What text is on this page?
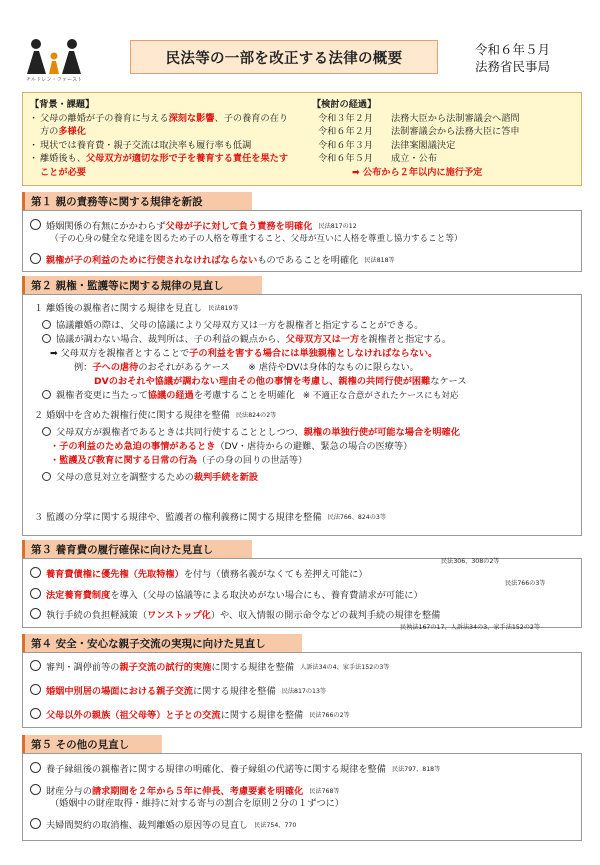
チルドレン・ファースト
民法等の一部を改正する法律の概要
令和６年５月
法務省民事局
【背景・課題】
・ 父母の離婚が子の養育に与える深刻な影響、子の養育の在り方の多様化
・ 現状では養育費・親子交流は取決率も履行率も低調
・ 離婚後も、父母双方が適切な形で子を養育する責任を果たすことが必要
【検討の経過】
令和３年２月	法務大臣から法制審議会へ諮問
令和６年２月	法制審議会から法務大臣に答申
令和６年３月	法律案閣議決定
令和６年５月	成立・公布
➡ 公布から２年以内に施行予定
第１ 親の責務等に関する規律を新設
婚姻関係の有無にかかわらず父母が子に対して負う責務を明確化 民法817の12
（子の心身の健全な発達を図るため子の人格を尊重すること、父母が互いに人格を尊重し協力すること等）
親権が子の利益のために行使されなければならないものであることを明確化 民法818等
第２ 親権・監護等に関する規律の見直し
１ 離婚後の親権者に関する規律を見直し 民法819等
協議離婚の際は、父母の協議により父母双方又は一方を親権者と指定することができる。
協議が調わない場合、裁判所は、子の利益の観点から、父母双方又は一方を親権者と指定する。
➡ 父母双方を親権者とすることで子の利益を害する場合には単独親権としなければならない。
例：子への虐待のおそれがあるケース　　※ 虐待やDVは身体的なものに限らない。
DVのおそれや協議が調わない理由その他の事情を考慮し、親権の共同行使が困難なケース
親権者変更に当たって協議の経過を考慮することを明確化 ※ 不適正な合意がされたケースにも対応
２ 婚姻中を含めた親権行使に関する規律を整備 民法824の2等
父母双方が親権者であるときは共同行使することとしつつ、親権の単独行使が可能な場合を明確化
・子の利益のため急迫の事情があるとき（DV・虐待からの避難、緊急の場合の医療等）
・監護及び教育に関する日常の行為（子の身の回りの世話等）
父母の意見対立を調整するための裁判手続を新設
３ 監護の分掌に関する規律や、監護者の権利義務に関する規律を整備 民法766、824の3等
第３ 養育費の履行確保に向けた見直し
民法306、308の2等
養育費債権に優先権（先取特権）を付与（債務名義がなくても差押え可能に）
民法766の3等
法定養育費制度を導入（父母の協議等による取決めがない場合にも、養育費請求が可能に）
執行手続の負担軽減策（ワンストップ化）や、収入情報の開示命令などの裁判手続の規律を整備
民執法167の17、人訴法34の3、家手法152の2等
第４ 安全・安心な親子交流の実現に向けた見直し
審判・調停前等の親子交流の試行的実施に関する規律を整備 人訴法34の4、家手法152の3等
婚姻中別居の場面における親子交流に関する規律を整備 民法817の13等
父母以外の親族（祖父母等）と子との交流に関する規律を整備 民法766の2等
第５ その他の見直し
養子縁組後の親権者に関する規律の明確化、養子縁組の代諾等に関する規律を整備 民法797、818等
財産分与の請求期間を２年から５年に伸長、考慮要素を明確化 民法768等
（婚姻中の財産取得・維持に対する寄与の割合を原則２分の１ずつに）
夫婦間契約の取消権、裁判離婚の原因等の見直し 民法754、770
